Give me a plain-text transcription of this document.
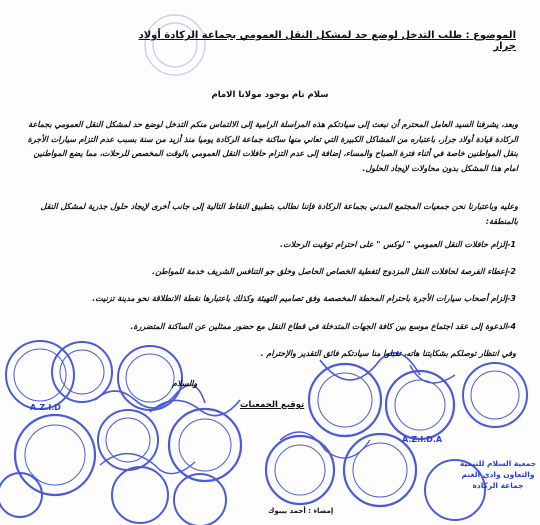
A.Z.I.D
A.Z.I.D.A
الموضوع : طلب التدخل لوضع حد لمشكل النقل العمومي بجماعة الركادة أولاد جرار
سلام تام بوجود مولانا الامام
وبعد، يشرفنا السيد العامل المحترم أن نبعث إلى سيادتكم هذه المراسلة الرامية إلى الالتماس منكم التدخل لوضع حد لمشكل النقل العمومي بجماعة الركادة قيادة أولاد جرار، باعتباره من المشاكل الكبيرة التي تعاني منها ساكنة جماعة الركادة يوميا منذ أزيد من سنة بسبب عدم التزام سيارات الأجرة بنقل المواطنين خاصة في أثناء فترة الصباح والمساء، إضافة إلى عدم التزام حافلات النقل العمومي بالوقت المخصص للرحلات، مما يضع المواطنين امام هذا المشكل بدون محاولات لإيجاد الحلول.
وعليه وباعتبارنا نحن جمعيات المجتمع المدني بجماعة الركادة فإننا نطالب بتطبيق النقاط التالية إلى جانب أخرى لإيجاد حلول جذرية لمشكل النقل بالمنطقة:
1-إلزام حافلات النقل العمومي " لوكس " على احترام توقيت الرحلات.
2-إعطاء الفرصة لحافلات النقل المزدوج لتغطية الخصاص الحاصل وخلق جو التنافس الشريف خدمة للمواطن.
3-إلزام أصحاب سيارات الأجرة باحترام المحطة المخصصة وفق تصاميم التهيئة وكذلك باعتبارها نقطة الانطلاقة نحو مدينة تزنيت.
4-الدعوة إلى عقد اجتماع موسع بين كافة الجهات المتدخلة في قطاع النقل مع حضور ممثلين عن الساكنة المتضررة.
وفي انتظار توصلكم بشكايتنا هاته، تقبلوا منا سيادتكم فائق التقدير والإحترام .
والسلام
توقيع الجمعيات
إمضاء : أحمد بيبوك
جمعية السلام للتنمية والتعاون وادي الغنم جماعة الركادة
